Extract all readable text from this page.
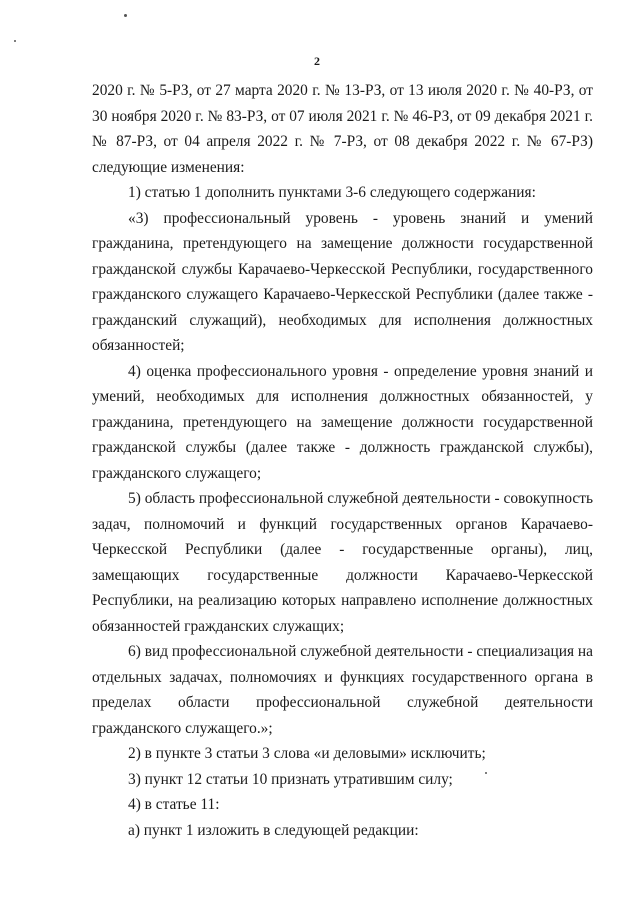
2

2020 г. № 5-РЗ, от 27 марта 2020 г. № 13-РЗ, от 13 июля 2020 г. № 40-РЗ, от 30 ноября 2020 г. № 83-РЗ, от 07 июля 2021 г. № 46-РЗ, от 09 декабря 2021 г. № 87-РЗ, от 04 апреля 2022 г. № 7-РЗ, от 08 декабря 2022 г. № 67-РЗ) следующие изменения:

1) статью 1 дополнить пунктами 3-6 следующего содержания:

«3) профессиональный уровень - уровень знаний и умений гражданина, претендующего на замещение должности государственной гражданской службы Карачаево-Черкесской Республики, государственного гражданского служащего Карачаево-Черкесской Республики (далее также - гражданский служащий), необходимых для исполнения должностных обязанностей;

4) оценка профессионального уровня - определение уровня знаний и умений, необходимых для исполнения должностных обязанностей, у гражданина, претендующего на замещение должности государственной гражданской службы (далее также - должность гражданской службы), гражданского служащего;

5) область профессиональной служебной деятельности - совокупность задач, полномочий и функций государственных органов Карачаево-Черкесской Республики (далее - государственные органы), лиц, замещающих государственные должности Карачаево-Черкесской Республики, на реализацию которых направлено исполнение должностных обязанностей гражданских служащих;

6) вид профессиональной служебной деятельности - специализация на отдельных задачах, полномочиях и функциях государственного органа в пределах области профессиональной служебной деятельности гражданского служащего.»;

2) в пункте 3 статьи 3 слова «и деловыми» исключить;

3) пункт 12 статьи 10 признать утратившим силу;

4) в статье 11:

а) пункт 1 изложить в следующей редакции:
